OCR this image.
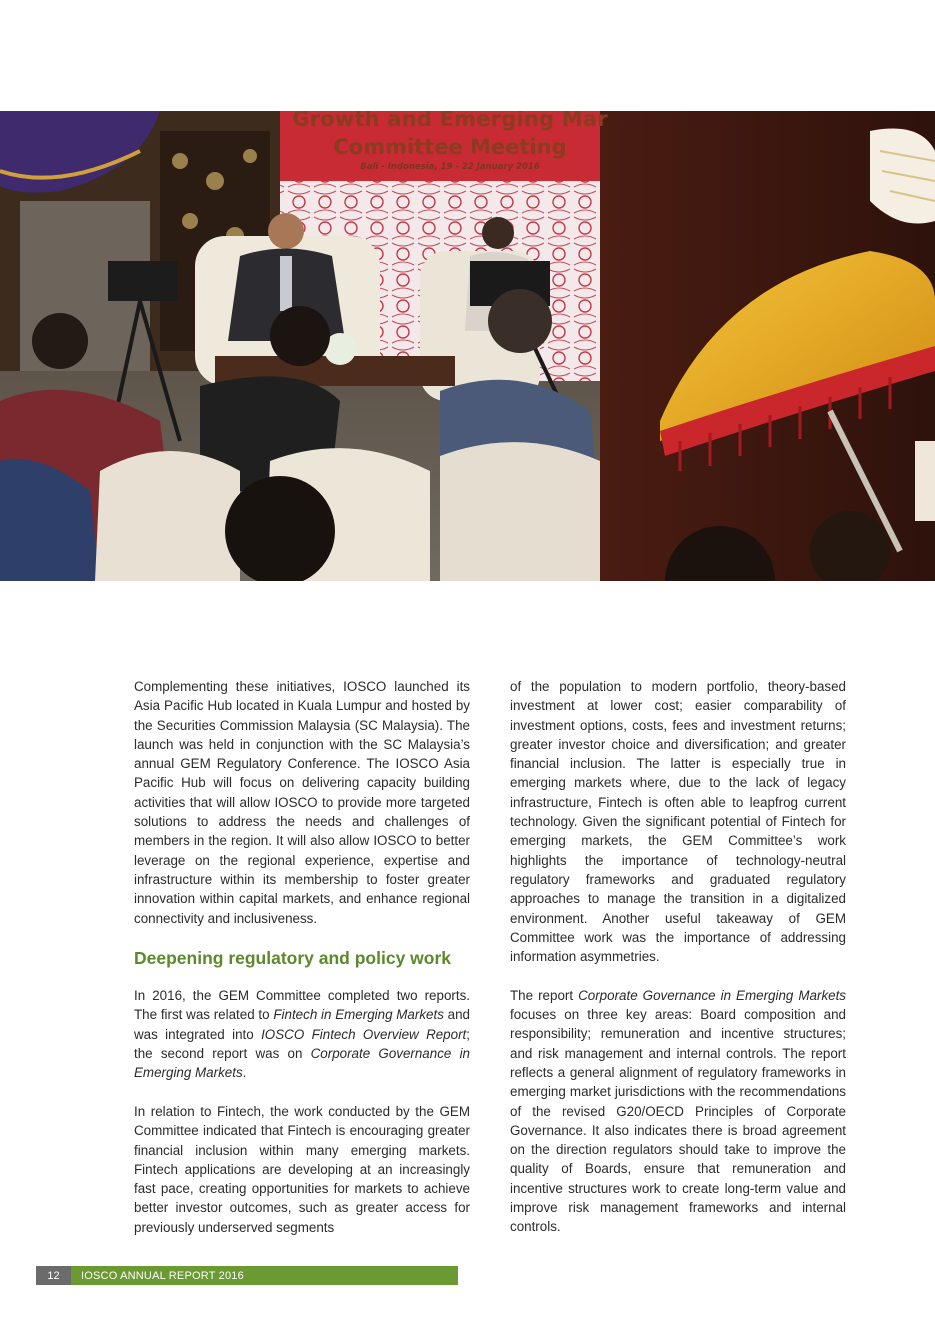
Growth and Emerging Mar
Committee Meeting
Bali - Indonesia, 19 - 22 January 2016

Complementing these initiatives, IOSCO launched its Asia Pacific Hub located in Kuala Lumpur and hosted by the Securities Commission Malaysia (SC Malaysia). The launch was held in conjunction with the SC Malaysia’s annual GEM Regulatory Conference. The IOSCO Asia Pacific Hub will focus on delivering capacity building activities that will allow IOSCO to provide more targeted solutions to address the needs and challenges of members in the region. It will also allow IOSCO to better leverage on the regional experience, expertise and infrastructure within its membership to foster greater innovation within capital markets, and enhance regional connectivity and inclusiveness.

Deepening regulatory and policy work

In 2016, the GEM Committee completed two reports. The first was related to Fintech in Emerging Markets and was integrated into IOSCO Fintech Overview Report; the second report was on Corporate Governance in Emerging Markets.

In relation to Fintech, the work conducted by the GEM Committee indicated that Fintech is encouraging greater financial inclusion within many emerging markets. Fintech applications are developing at an increasingly fast pace, creating opportunities for markets to achieve better investor outcomes, such as greater access for previously underserved segments

of the population to modern portfolio, theory-based investment at lower cost; easier comparability of investment options, costs, fees and investment returns; greater investor choice and diversification; and greater financial inclusion. The latter is especially true in emerging markets where, due to the lack of legacy infrastructure, Fintech is often able to leapfrog current technology. Given the significant potential of Fintech for emerging markets, the GEM Committee’s work highlights the importance of technology-neutral regulatory frameworks and graduated regulatory approaches to manage the transition in a digitalized environment. Another useful takeaway of GEM Committee work was the importance of addressing information asymmetries.

The report Corporate Governance in Emerging Markets focuses on three key areas: Board composition and responsibility; remuneration and incentive structures; and risk management and internal controls. The report reflects a general alignment of regulatory frameworks in emerging market jurisdictions with the recommendations of the revised G20/OECD Principles of Corporate Governance. It also indicates there is broad agreement on the direction regulators should take to improve the quality of Boards, ensure that remuneration and incentive structures work to create long-term value and improve risk management frameworks and internal controls.

12	IOSCO ANNUAL REPORT 2016
